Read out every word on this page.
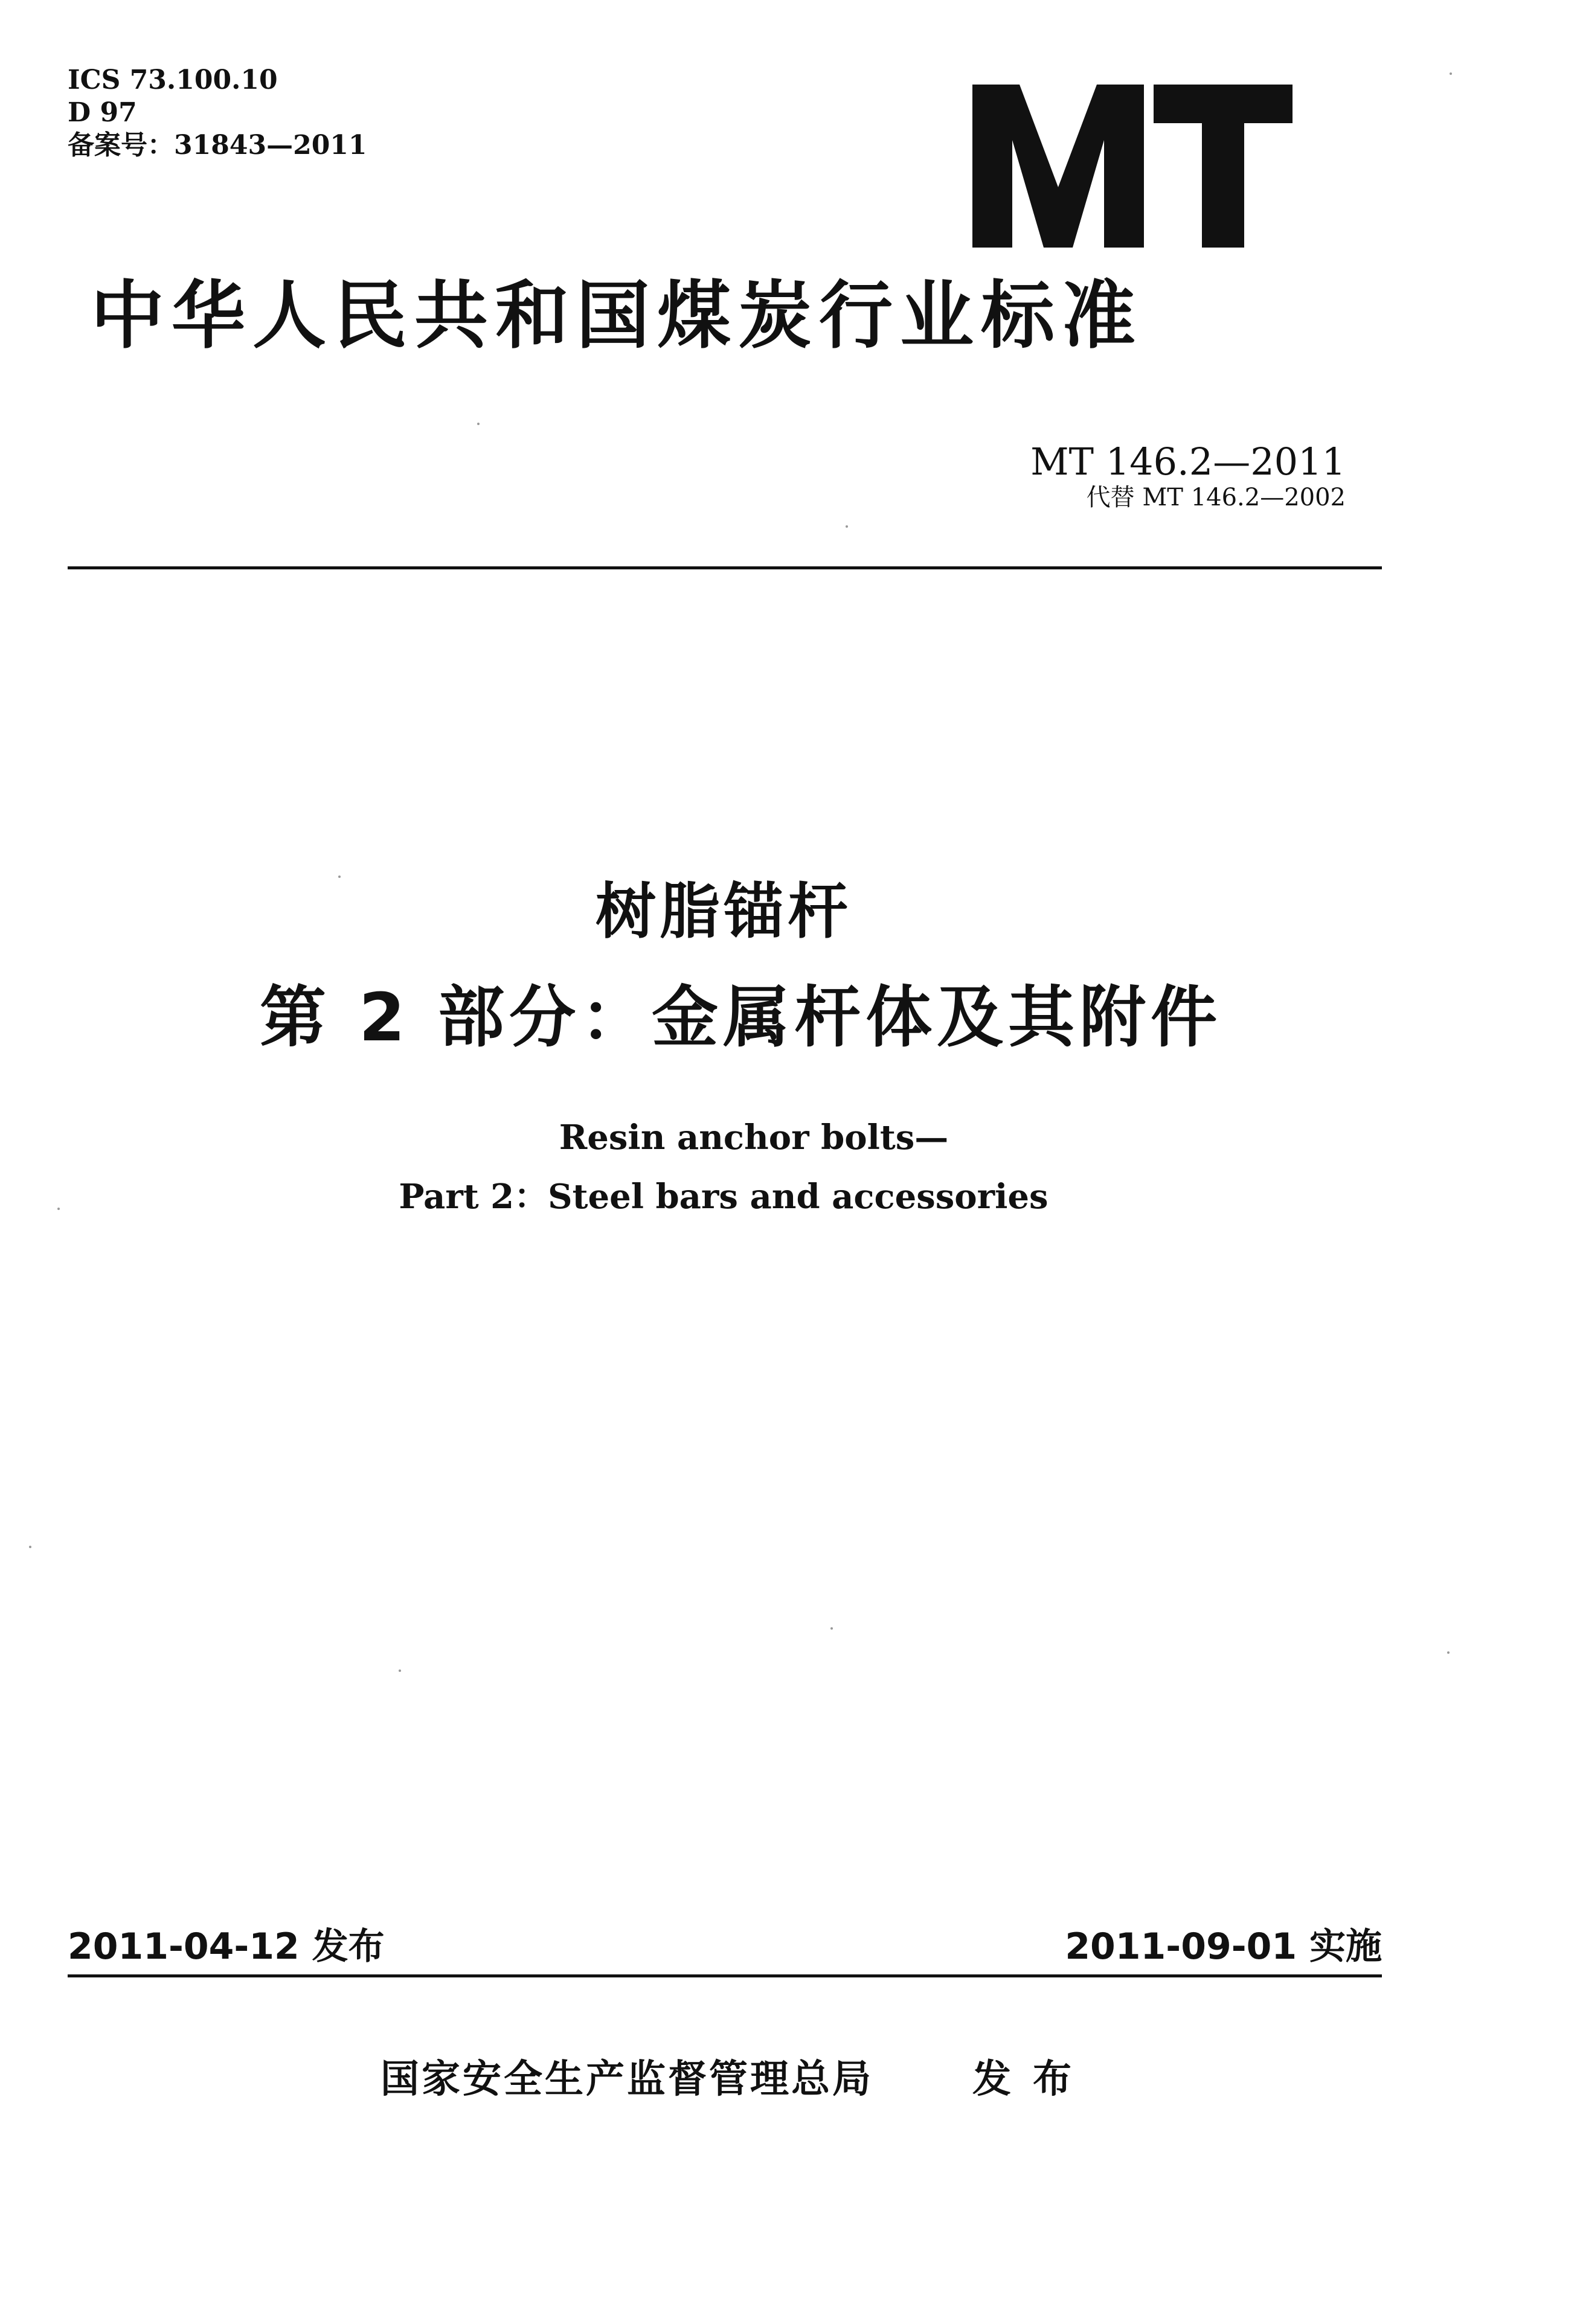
ICS 73.100.10
D 97
备案号：31843—2011
中华人民共和国煤炭行业标准
MT 146.2—2011
代替 MT 146.2—2002
树脂锚杆
第 2 部分：金属杆体及其附件
Resin anchor bolts—
Part 2：Steel bars and accessories
2011-04-12 发布	2011-09-01 实施
国家安全生产监督管理总局	发布
